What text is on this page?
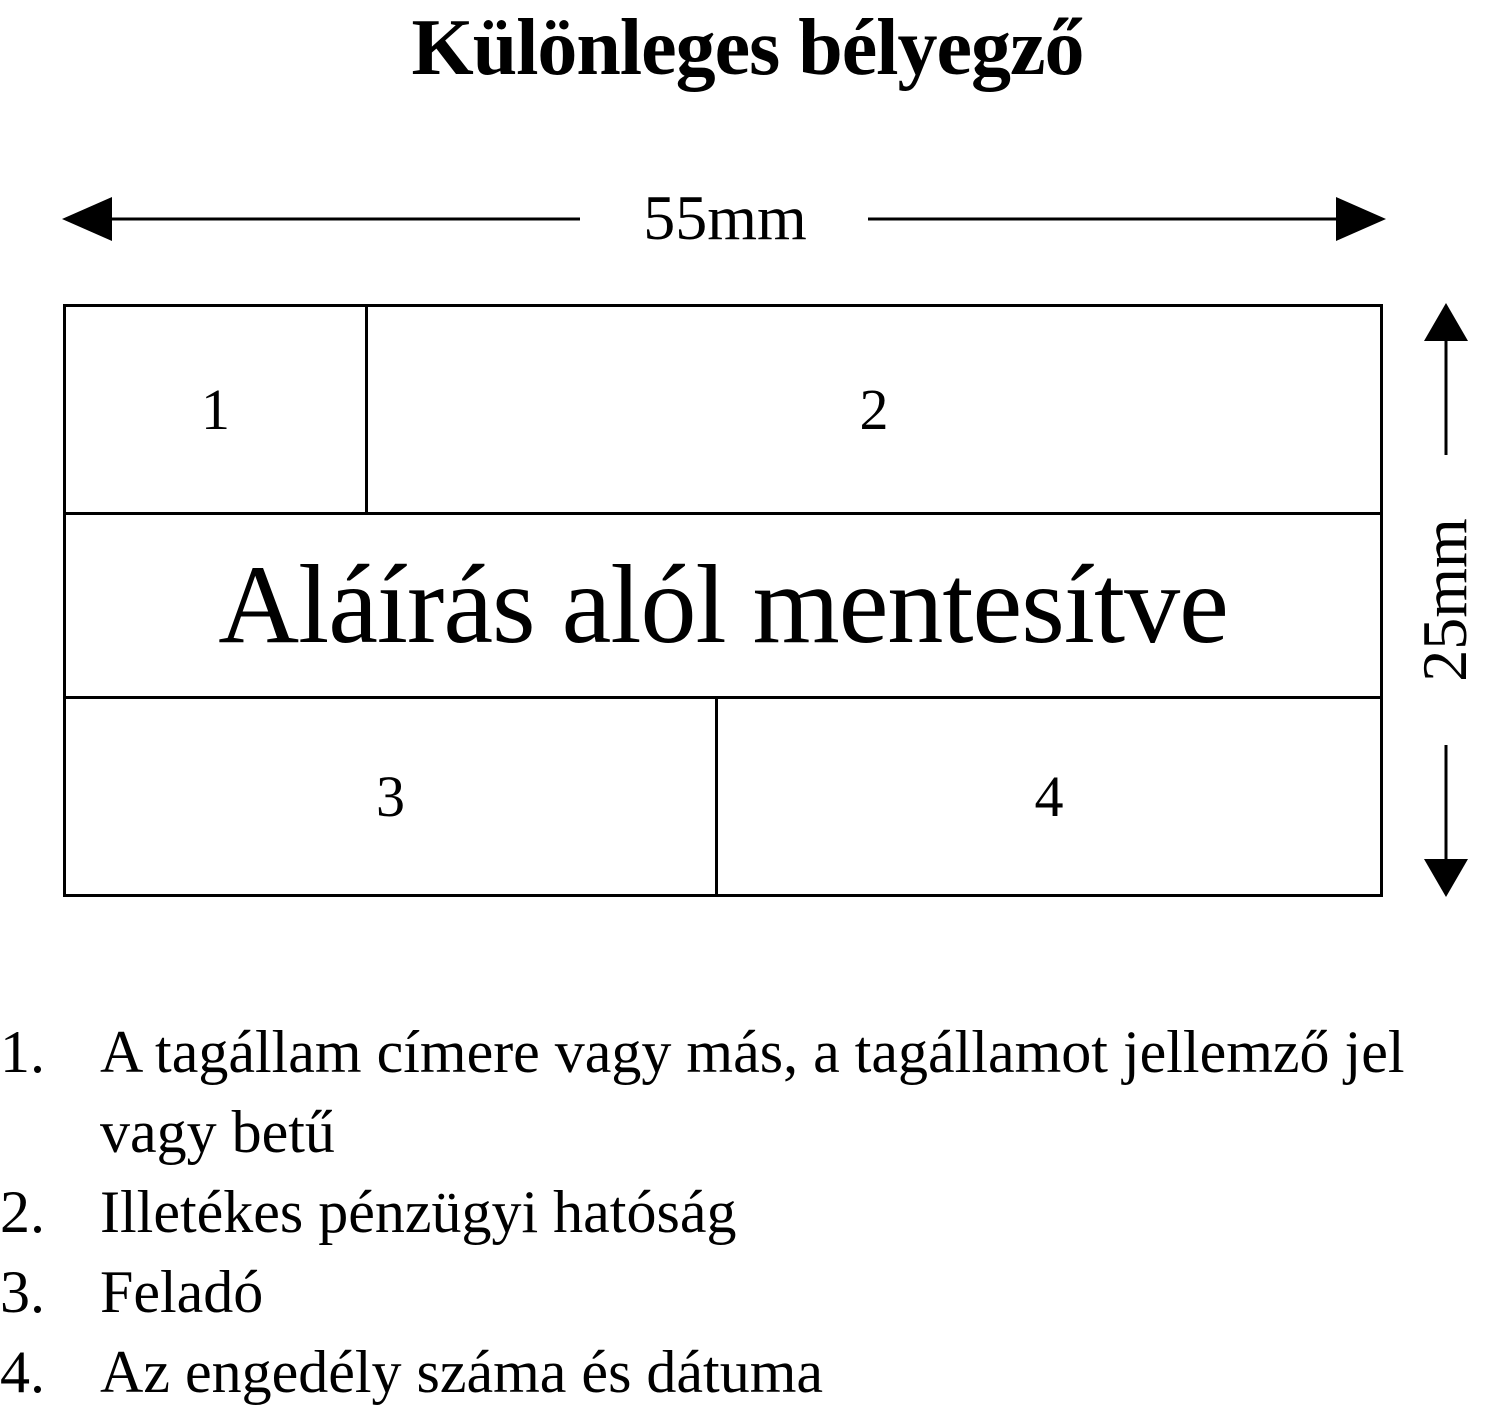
Különleges bélyegző
55mm
25mm
1	2
Aláírás alól mentesítve
3	4
1. A tagállam címere vagy más, a tagállamot jellemző jel vagy betű
2. Illetékes pénzügyi hatóság
3. Feladó
4. Az engedély száma és dátuma
